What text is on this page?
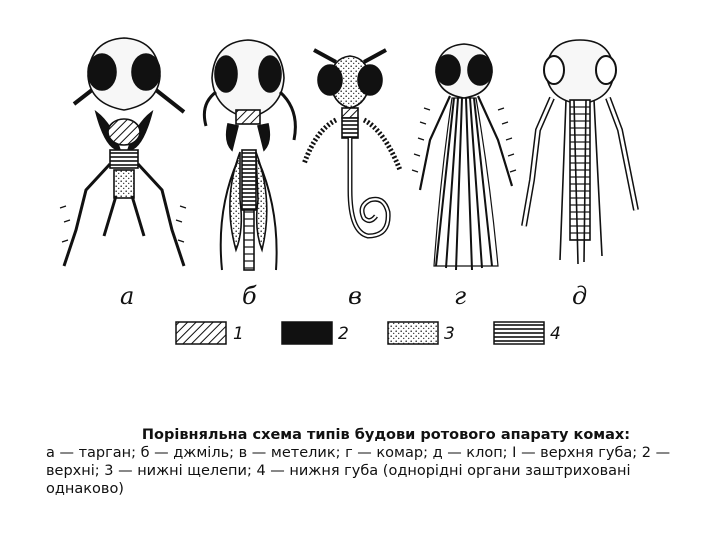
а	б	в	г	д
1	2	3	4
Порівняльна схема типів будови ротового апарату комах:
а — тарган; б — джміль; в — метелик; г — комар; д — клоп; I — верхня губа; 2 — верхні; 3 — нижні щелепи; 4 — нижня губа (однорідні органи заштриховані однаково)
